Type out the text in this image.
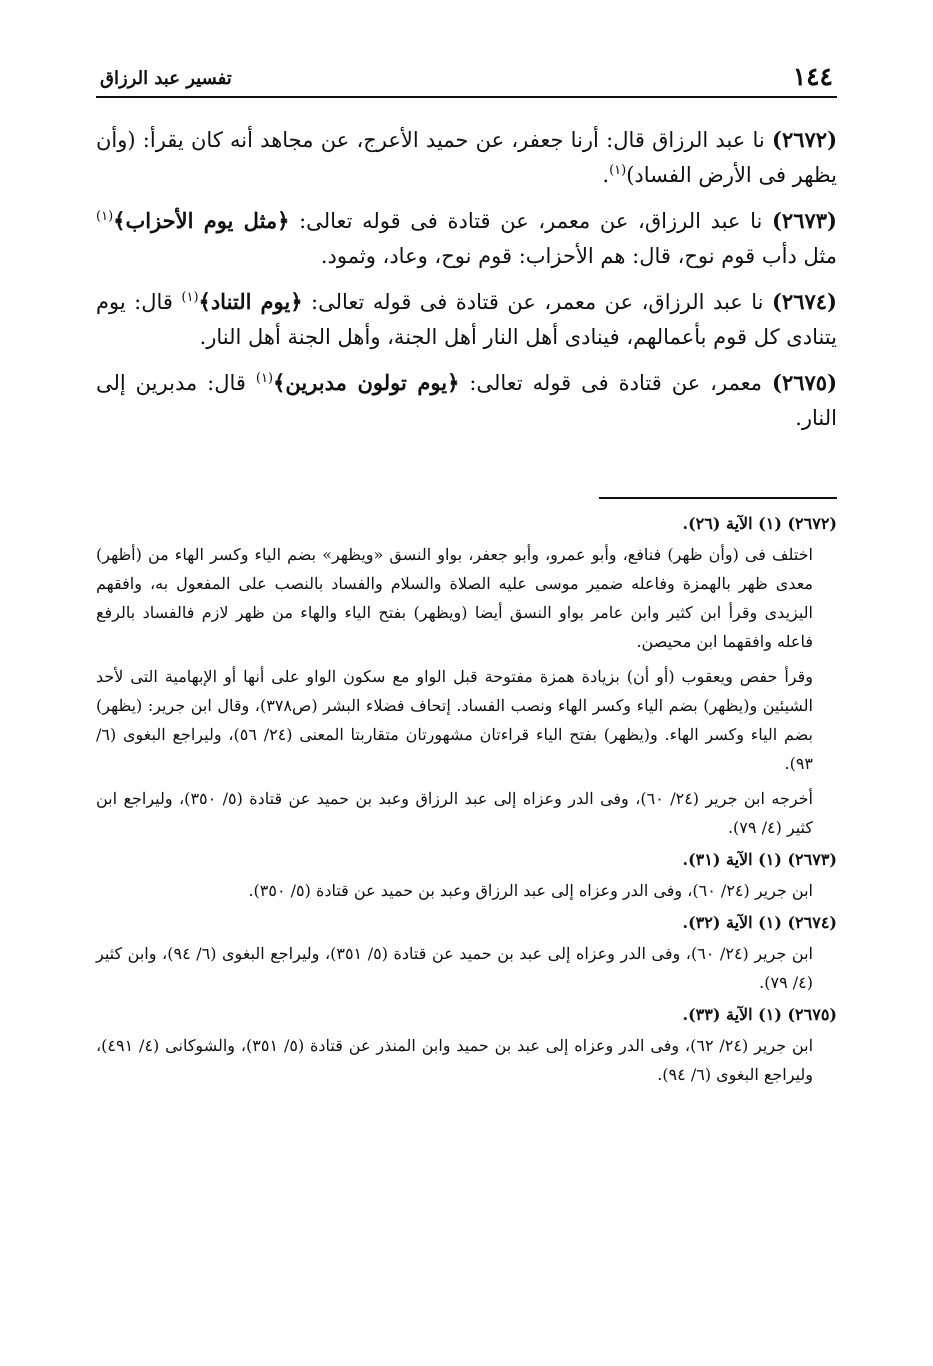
١٤٤
تفسير عبد الرزاق

(٢٦٧٢) نا عبد الرزاق قال: أرنا جعفر، عن حميد الأعرج، عن مجاهد أنه كان يقرأ: (وأن يظهر فى الأرض الفساد)$^{(١)}$.

(٢٦٧٣) نا عبد الرزاق، عن معمر، عن قتادة فى قوله تعالى: ﴿مثل يوم الأحزاب﴾$^{(١)}$ مثل دأب قوم نوح، قال: هم الأحزاب: قوم نوح، وعاد، وثمود.

(٢٦٧٤) نا عبد الرزاق، عن معمر، عن قتادة فى قوله تعالى: ﴿يوم التناد﴾$^{(١)}$ قال: يوم يتنادى كل قوم بأعمالهم، فينادى أهل النار أهل الجنة، وأهل الجنة أهل النار.

(٢٦٧٥) معمر، عن قتادة فى قوله تعالى: ﴿يوم تولون مدبرين﴾$^{(١)}$ قال: مدبرين إلى النار.

(٢٦٧٢) (١) الآية (٢٦).
اختلف فى (وأن ظهر) فنافع، وأبو عمرو، وأبو جعفر، بواو النسق «ويظهر» بضم الياء وكسر الهاء من (أظهر) معدى ظهر بالهمزة وفاعله ضمير موسى عليه الصلاة والسلام والفساد بالنصب على المفعول به، وافقهم اليزيدى وقرأ ابن كثير وابن عامر بواو النسق أيضا (ويظهر) بفتح الياء والهاء من ظهر لازم فالفساد بالرفع فاعله وافقهما ابن محيصن.
وقرأ حفص ويعقوب (أو أن) بزيادة همزة مفتوحة قبل الواو مع سكون الواو على أنها أو الإبهامية التى لأحد الشيئين و(يظهر) بضم الياء وكسر الهاء ونصب الفساد. إتحاف فضلاء البشر (ص٣٧٨)، وقال ابن جرير: (يظهر) بضم الياء وكسر الهاء. و(يظهر) بفتح الياء قراءتان مشهورتان متقاربتا المعنى (٢٤/ ٥٦)، وليراجع البغوى (٦/ ٩٣).
أخرجه ابن جرير (٢٤/ ٦٠)، وفى الدر وعزاه إلى عبد الرزاق وعبد بن حميد عن قتادة (٥/ ٣٥٠)، وليراجع ابن كثير (٤/ ٧٩).
(٢٦٧٣) (١) الآية (٣١).
ابن جرير (٢٤/ ٦٠)، وفى الدر وعزاه إلى عبد الرزاق وعبد بن حميد عن قتادة (٥/ ٣٥٠).
(٢٦٧٤) (١) الآية (٣٢).
ابن جرير (٢٤/ ٦٠)، وفى الدر وعزاه إلى عبد بن حميد عن قتادة (٥/ ٣٥١)، وليراجع البغوى (٦/ ٩٤)، وابن كثير (٤/ ٧٩).
(٢٦٧٥) (١) الآية (٣٣).
ابن جرير (٢٤/ ٦٢)، وفى الدر وعزاه إلى عبد بن حميد وابن المنذر عن قتادة (٥/ ٣٥١)، والشوكانى (٤/ ٤٩١)، وليراجع البغوى (٦/ ٩٤).
